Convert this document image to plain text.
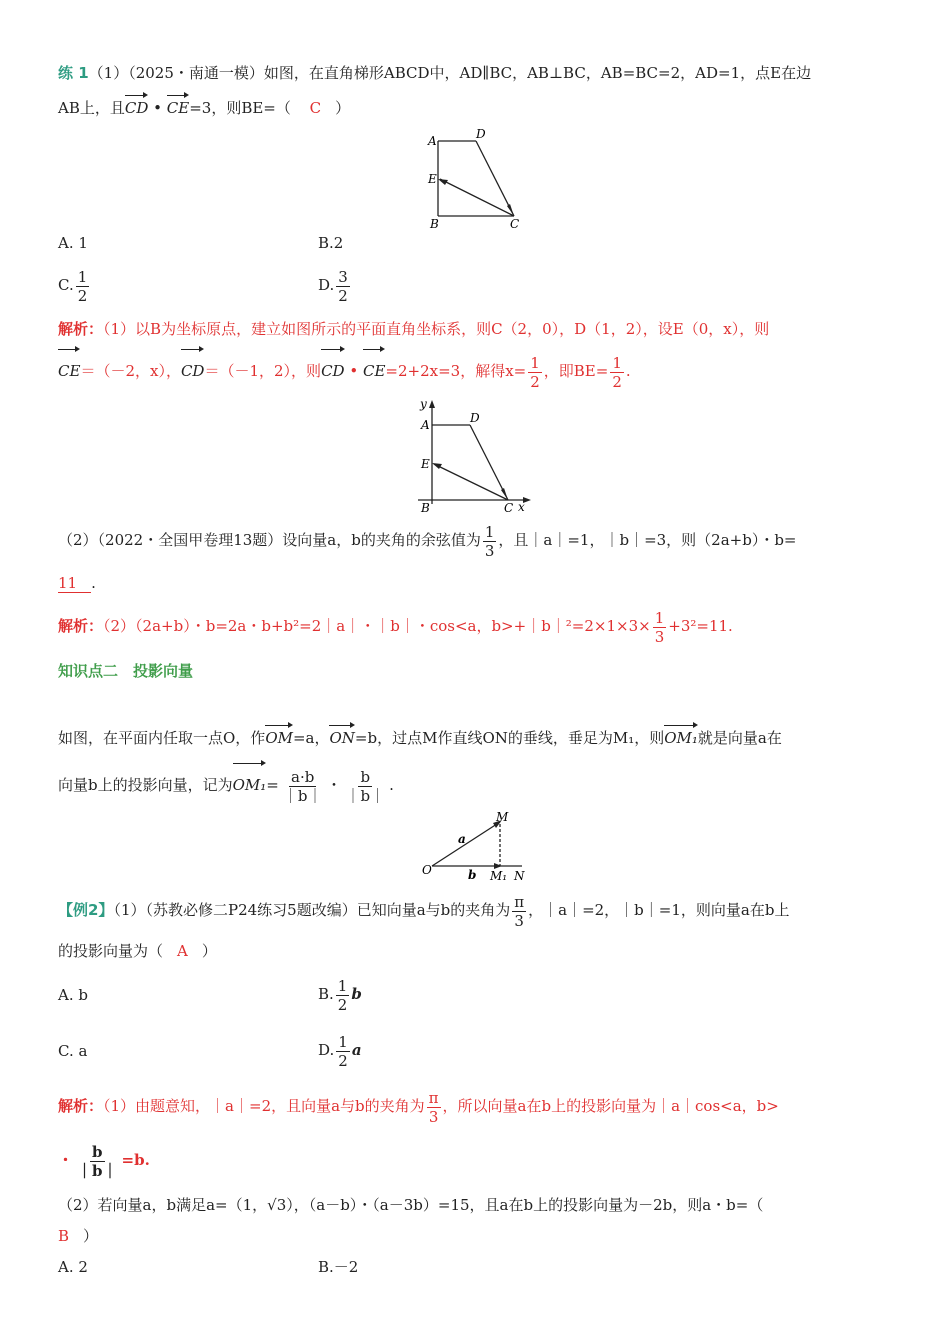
练 1（1）（2025・南通一模）如图，在直角梯形ABCD中，AD∥BC，AB⊥BC，AB=BC=2，AD=1，点E在边
AB上，且CD • CE=3，则BE=（ C ）
A	D
E
B	C
A. 1	B.2
C. $\frac{1}{2}$	D. $\frac{3}{2}$
解析：（1）以B为坐标原点，建立如图所示的平面直角坐标系，则C（2，0），D（1，2），设E（0，x），则
CE＝（－2，x），CD＝（－1，2），则CD • CE=2+2x=3，解得$x= \frac{1}{2}$ ，即$BE= \frac{1}{2}$ .
y
x
A	D
E
B	C
（2）（2022・全国甲卷理13题）设向量a，b的夹角的余弦值为 $\frac{1}{3}$ ，且｜a｜=1，｜b｜=3，则（2a+b）・b=
11 .
解析：（2）（2a+b）・b=2a・b+b²=2｜a｜・｜b｜・cos<a，b>+｜b｜²=2×1×3× $\frac{1}{3} +3^2=11$.
知识点二　投影向量
如图，在平面内任取一点O，作OM=a，ON=b，过点M作直线ON的垂线，垂足为M₁，则OM₁就是向量a在
向量b上的投影向量，记为$OM_1= \frac{a\cdot b}{|b|}$ ・ $\frac{b}{|b|}$ .
M
O	N
M₁
a
b
【例2】（1）（苏教必修二P24练习5题改编）已知向量a与b的夹角为 $\frac{\pi}{3}$ ，｜a｜=2，｜b｜=1，则向量a在b上
的投影向量为（ A ）
A. b	B. $\frac{1}{2}$ b
C. a	D. $\frac{1}{2}$ a
解析：（1）由题意知，｜a｜=2，且向量a与b的夹角为 $\frac{\pi}{3}$ ，所以向量a在b上的投影向量为｜a｜cos<a，b>
・ $\frac{b}{|b|} =b$.
（2）若向量a，b满足a=（1，√3），（a－b）・（a－3b）=15，且a在b上的投影向量为－2b，则a・b=（
B ）
A. 2	B.－2
